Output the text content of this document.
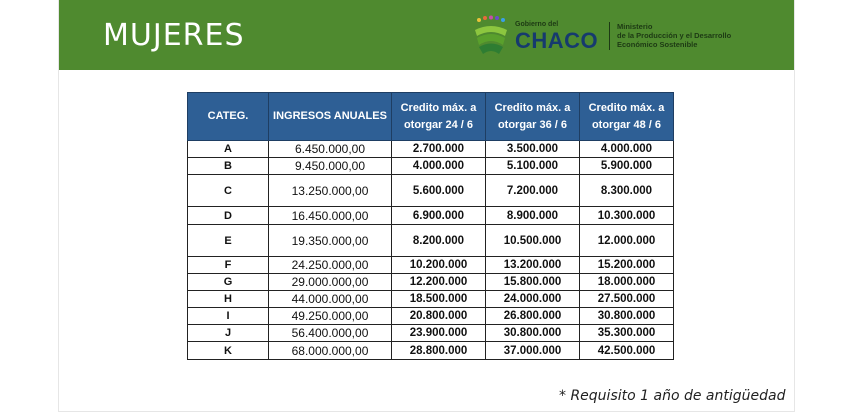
MUJERES	Gobierno del
CHACO
Ministerio
de la Producción y el Desarrollo
Económico Sostenible
CATEG.	INGRESOS ANUALES	Credito máx. a otorgar 24 / 6	Credito máx. a otorgar 36 / 6	Credito máx. a otorgar 48 / 6
A	6.450.000,00	2.700.000	3.500.000	4.000.000
B	9.450.000,00	4.000.000	5.100.000	5.900.000
C	13.250.000,00	5.600.000	7.200.000	8.300.000
D	16.450.000,00	6.900.000	8.900.000	10.300.000
E	19.350.000,00	8.200.000	10.500.000	12.000.000
F	24.250.000,00	10.200.000	13.200.000	15.200.000
G	29.000.000,00	12.200.000	15.800.000	18.000.000
H	44.000.000,00	18.500.000	24.000.000	27.500.000
I	49.250.000,00	20.800.000	26.800.000	30.800.000
J	56.400.000,00	23.900.000	30.800.000	35.300.000
K	68.000.000,00	28.800.000	37.000.000	42.500.000
* Requisito 1 año de antigüedad
